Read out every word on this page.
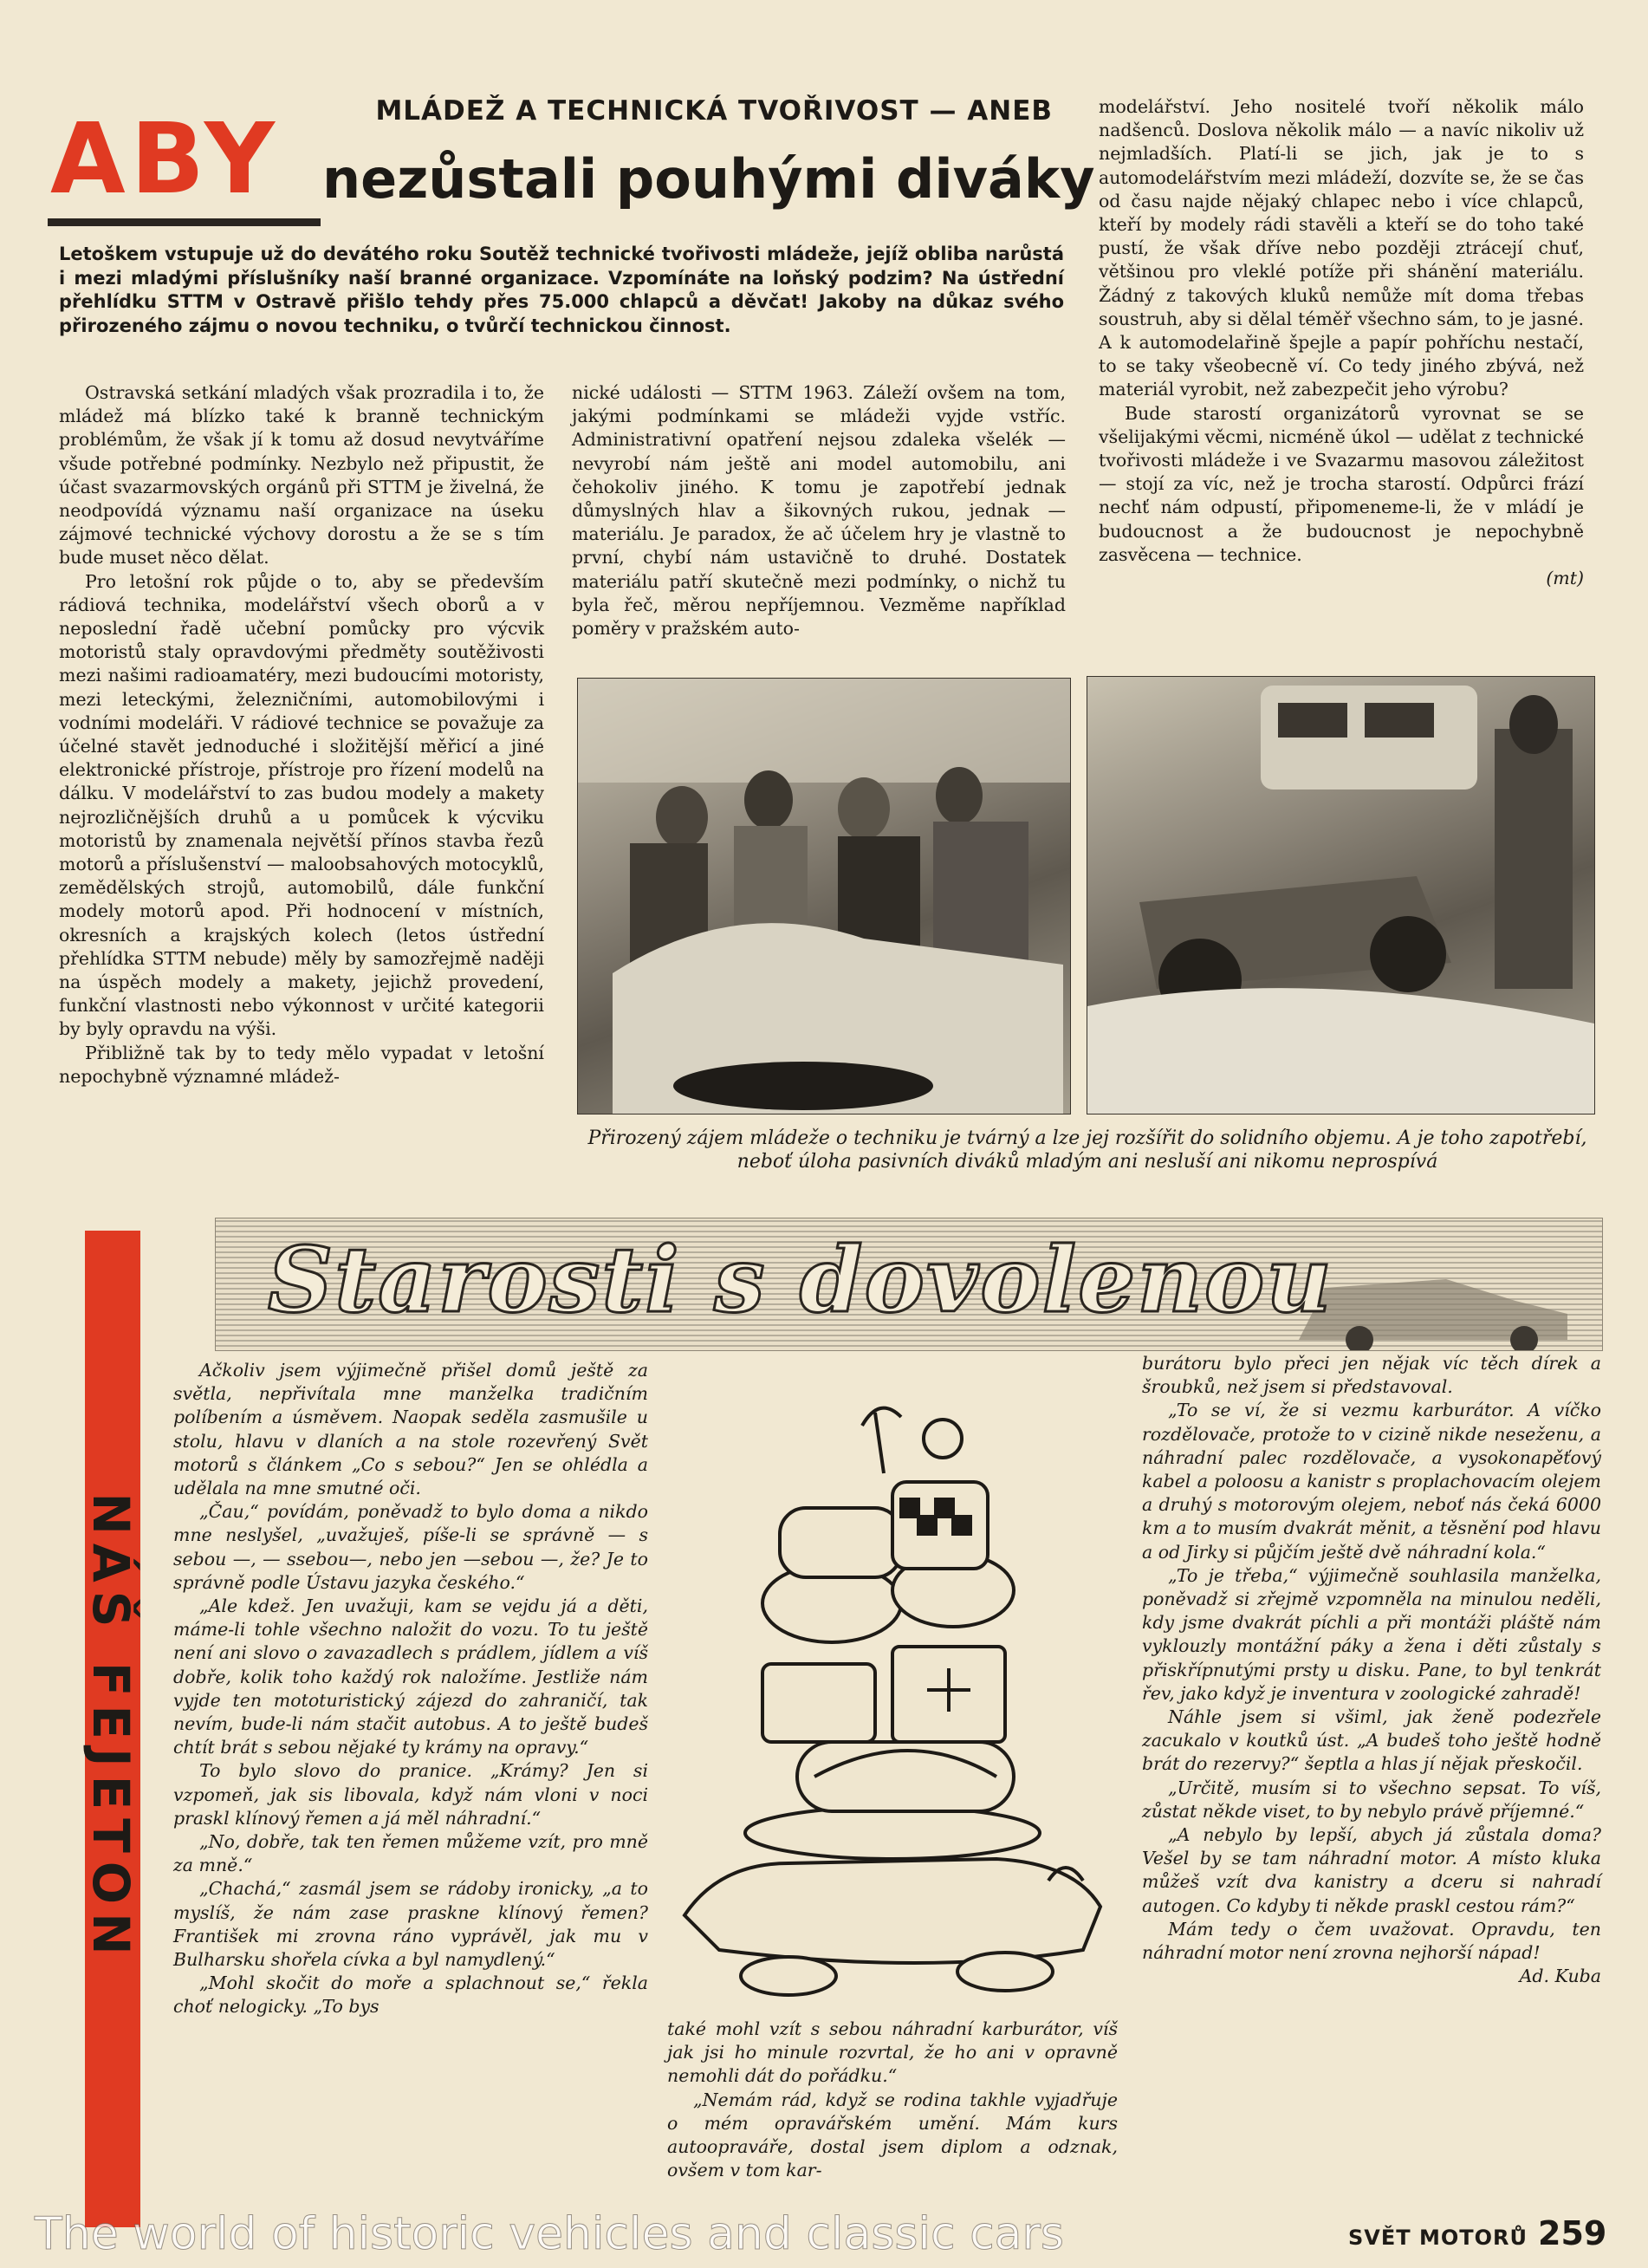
MLÁDEŽ A TECHNICKÁ TVOŘIVOST — ANEB
ABY nezůstali pouhými diváky
Letoškem vstupuje už do devátého roku Soutěž technické tvořivosti mládeže, jejíž obliba narůstá i mezi mladými příslušníky naší branné organizace. Vzpomínáte na loňský podzim? Na ústřední přehlídku STTM v Ostravě přišlo tehdy přes 75.000 chlapců a děvčat! Jakoby na důkaz svého přirozeného zájmu o novou techniku, o tvůrčí technickou činnost.

Ostravská setkání mladých však prozradila i to, že mládež má blízko také k branně technickým problémům, že však jí k tomu až dosud nevytváříme všude potřebné podmínky. Nezbylo než připustit, že účast svazarmovských orgánů při STTM je živelná, že neodpovídá významu naší organizace na úseku zájmové technické výchovy dorostu a že se s tím bude muset něco dělat.

Pro letošní rok půjde o to, aby se především rádiová technika, modelářství všech oborů a v neposlední řadě učební pomůcky pro výcvik motoristů staly opravdovými předměty soutěživosti mezi našimi radioamatéry, mezi budoucími motoristy, mezi leteckými, železničními, automobilovými i vodními modeláři. V rádiové technice se považuje za účelné stavět jednoduché i složitější měřicí a jiné elektronické přístroje, přístroje pro řízení modelů na dálku. V modelářství to zas budou modely a makety nejrozličnějších druhů a u pomůcek k výcviku motoristů by znamenala největší přínos stavba řezů motorů a příslušenství — maloobsahových motocyklů, zemědělských strojů, automobilů, dále funkční modely motorů apod. Při hodnocení v místních, okresních a krajských kolech (letos ústřední přehlídka STTM nebude) měly by samozřejmě naději na úspěch modely a makety, jejichž provedení, funkční vlastnosti nebo výkonnost v určité kategorii by byly opravdu na výši.

Přibližně tak by to tedy mělo vypadat v letošní nepochybně významné mládež-

nické události — STTM 1963. Záleží ovšem na tom, jakými podmínkami se mládeži vyjde vstříc. Administrativní opatření nejsou zdaleka všelék — nevyrobí nám ještě ani model automobilu, ani čehokoliv jiného. K tomu je zapotřebí jednak důmyslných hlav a šikovných rukou, jednak — materiálu. Je paradox, že ač účelem hry je vlastně to první, chybí nám ustavičně to druhé. Dostatek materiálu patří skutečně mezi podmínky, o nichž tu byla řeč, měrou nepříjemnou. Vezměme například poměry v pražském auto-

modelářství. Jeho nositelé tvoří několik málo nadšenců. Doslova několik málo — a navíc nikoliv už nejmladších. Platí-li se jich, jak je to s automodelářstvím mezi mládeží, dozvíte se, že se čas od času najde nějaký chlapec nebo i více chlapců, kteří by modely rádi stavěli a kteří se do toho také pustí, že však dříve nebo později ztrácejí chuť, většinou pro vleklé potíže při shánění materiálu. Žádný z takových kluků nemůže mít doma třebas soustruh, aby si dělal téměř všechno sám, to je jasné. A k automodelařině špejle a papír pohříchu nestačí, to se taky všeobecně ví. Co tedy jiného zbývá, než materiál vyrobit, než zabezpečit jeho výrobu?

Bude starostí organizátorů vyrovnat se se všelijakými věcmi, nicméně úkol — udělat z technické tvořivosti mládeže i ve Svazarmu masovou záležitost — stojí za víc, než je trocha starostí. Odpůrci frází nechť nám odpustí, připomeneme-li, že v mládí je budoucnost a že budoucnost je nepochybně zasvěcena — technice.

(mt)

Přirozený zájem mládeže o techniku je tvárný a lze jej rozšířit do solidního objemu. A je toho zapotřebí, neboť úloha pasivních diváků mladým ani nesluší ani nikomu neprospívá
Starosti s dovolenou
NÁŠ FEJETON

Ačkoliv jsem výjimečně přišel domů ještě za světla, nepřivítala mne manželka tradičním políbením a úsměvem. Naopak seděla zasmušile u stolu, hlavu v dlaních a na stole rozevřený Svět motorů s článkem „Co s sebou?“ Jen se ohlédla a udělala na mne smutné oči.

„Čau,“ povídám, poněvadž to bylo doma a nikdo mne neslyšel, „uvažuješ, píše-li se správně — s sebou —, — ssebou—, nebo jen —sebou —, že? Je to správně podle Ústavu jazyka českého.“

„Ale kdež. Jen uvažuji, kam se vejdu já a děti, máme-li tohle všechno naložit do vozu. To tu ještě není ani slovo o zavazadlech s prádlem, jídlem a víš dobře, kolik toho každý rok naložíme. Jestliže nám vyjde ten mototuristický zájezd do zahraničí, tak nevím, bude-li nám stačit autobus. A to ještě budeš chtít brát s sebou nějaké ty krámy na opravy.“

To bylo slovo do pranice. „Krámy? Jen si vzpomeň, jak sis libovala, když nám vloni v noci praskl klínový řemen a já měl náhradní.“

„No, dobře, tak ten řemen můžeme vzít, pro mně za mně.“

„Chachá,“ zasmál jsem se rádoby ironicky, „a to myslíš, že nám zase praskne klínový řemen? František mi zrovna ráno vyprávěl, jak mu v Bulharsku shořela cívka a byl namydlený.“

„Mohl skočit do moře a splachnout se,“ řekla choť nelogicky. „To bys

také mohl vzít s sebou náhradní karburátor, víš jak jsi ho minule rozvrtal, že ho ani v opravně nemohli dát do pořádku.“

„Nemám rád, když se rodina takhle vyjadřuje o mém opravářském umění. Mám kurs autoopraváře, dostal jsem diplom a odznak, ovšem v tom kar-

burátoru bylo přeci jen nějak víc těch dírek a šroubků, než jsem si představoval.

„To se ví, že si vezmu karburátor. A víčko rozdělovače, protože to v cizině nikde neseženu, a náhradní palec rozdělovače, a vysokonapěťový kabel a poloosu a kanistr s proplachovacím olejem a druhý s motorovým olejem, neboť nás čeká 6000 km a to musím dvakrát měnit, a těsnění pod hlavu a od Jirky si půjčím ještě dvě náhradní kola.“

„To je třeba,“ výjimečně souhlasila manželka, poněvadž si zřejmě vzpomněla na minulou neděli, kdy jsme dvakrát píchli a při montáži pláště nám vyklouzly montážní páky a žena i děti zůstaly s přiskřípnutými prsty u disku. Pane, to byl tenkrát řev, jako když je inventura v zoologické zahradě!

Náhle jsem si všiml, jak ženě podezřele zacukalo v koutků úst. „A budeš toho ještě hodně brát do rezervy?“ šeptla a hlas jí nějak přeskočil.

„Určitě, musím si to všechno sepsat. To víš, zůstat někde viset, to by nebylo právě příjemné.“

„A nebylo by lepší, abych já zůstala doma? Vešel by se tam náhradní motor. A místo kluka můžeš vzít dva kanistry a dceru si nahradí autogen. Co kdyby ti někde praskl cestou rám?“

Mám tedy o čem uvažovat. Opravdu, ten náhradní motor není zrovna nejhorší nápad!

Ad. Kuba

The world of historic vehicles and classic cars	SVĚT MOTORŮ 259
